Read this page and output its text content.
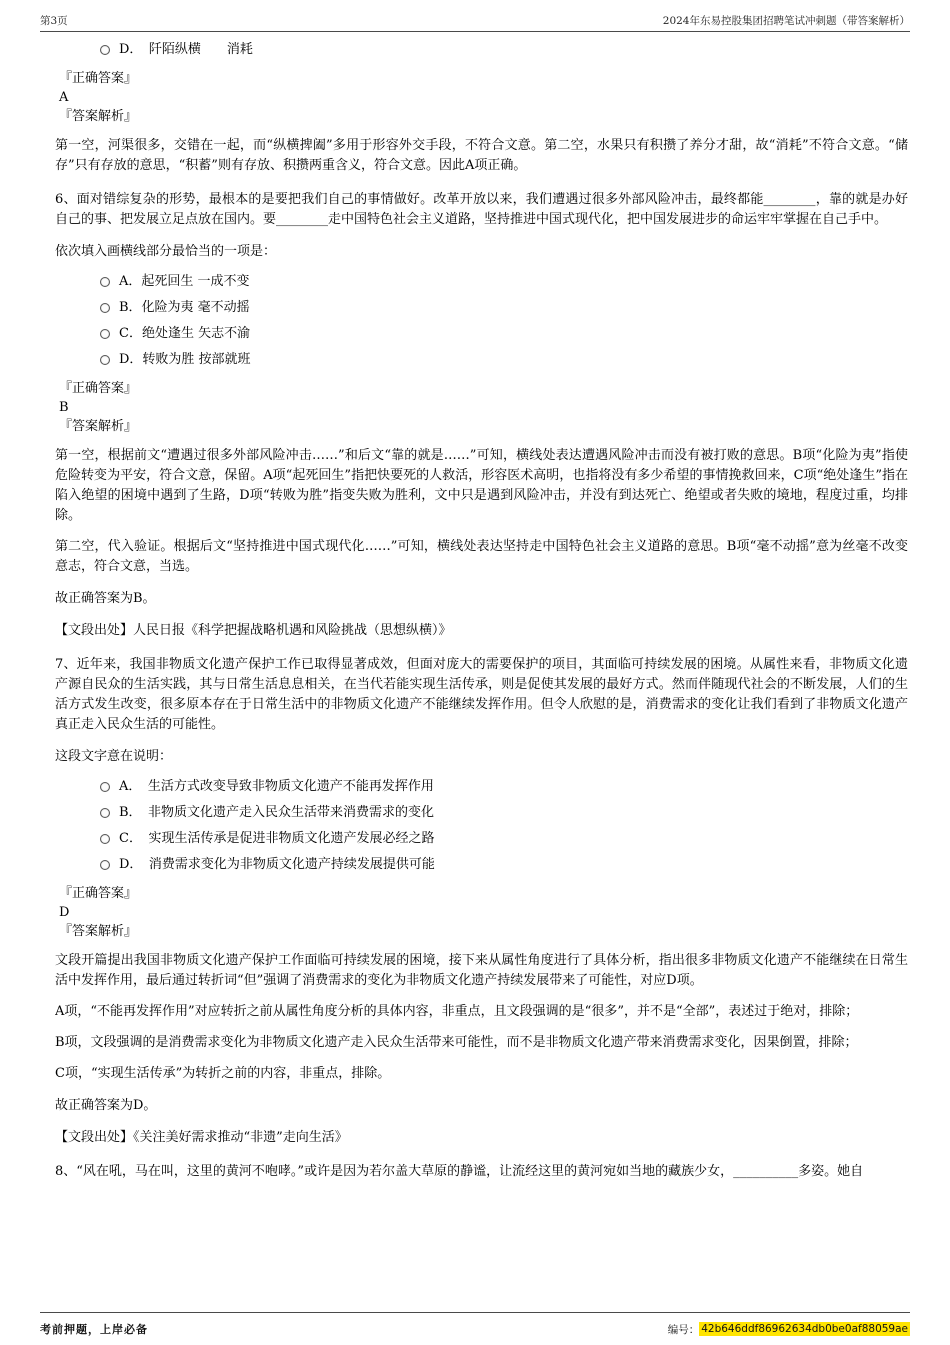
第3页	2024年东易控股集团招聘笔试冲刺题（带答案解析）
D．　阡陌纵横　　消耗
『正确答案』
A
『答案解析』

第一空，河渠很多，交错在一起，而“纵横捭阖”多用于形容外交手段，不符合文意。第二空，水果只有积攒了养分才甜，故“消耗”不符合文意。“储存”只有存放的意思，“积蓄”则有存放、积攒两重含义，符合文意。因此A项正确。

6、面对错综复杂的形势，最根本的是要把我们自己的事情做好。改革开放以来，我们遭遇过很多外部风险冲击，最终都能________，靠的就是办好自己的事、把发展立足点放在国内。要________走中国特色社会主义道路，坚持推进中国式现代化，把中国发展进步的命运牢牢掌握在自己手中。

依次填入画横线部分最恰当的一项是：

A．起死回生 一成不变
B．化险为夷 毫不动摇
C．绝处逢生 矢志不渝
D．转败为胜 按部就班
『正确答案』
B
『答案解析』

第一空，根据前文“遭遇过很多外部风险冲击……”和后文“靠的就是……”可知，横线处表达遭遇风险冲击而没有被打败的意思。B项“化险为夷”指使危险转变为平安，符合文意，保留。A项“起死回生”指把快要死的人救活，形容医术高明，也指将没有多少希望的事情挽救回来，C项“绝处逢生”指在陷入绝望的困境中遇到了生路，D项“转败为胜”指变失败为胜利，文中只是遇到风险冲击，并没有到达死亡、绝望或者失败的境地，程度过重，均排除。

第二空，代入验证。根据后文“坚持推进中国式现代化……”可知，横线处表达坚持走中国特色社会主义道路的意思。B项“毫不动摇”意为丝毫不改变意志，符合文意，当选。

故正确答案为B。

【文段出处】人民日报《科学把握战略机遇和风险挑战（思想纵横）》

7、近年来，我国非物质文化遗产保护工作已取得显著成效，但面对庞大的需要保护的项目，其面临可持续发展的困境。从属性来看，非物质文化遗产源自民众的生活实践，其与日常生活息息相关，在当代若能实现生活传承，则是促使其发展的最好方式。然而伴随现代社会的不断发展，人们的生活方式发生改变，很多原本存在于日常生活中的非物质文化遗产不能继续发挥作用。但令人欣慰的是，消费需求的变化让我们看到了非物质文化遗产真正走入民众生活的可能性。

这段文字意在说明：

A．　生活方式改变导致非物质文化遗产不能再发挥作用
B．　非物质文化遗产走入民众生活带来消费需求的变化
C．　实现生活传承是促进非物质文化遗产发展必经之路
D．　消费需求变化为非物质文化遗产持续发展提供可能
『正确答案』
D
『答案解析』

文段开篇提出我国非物质文化遗产保护工作面临可持续发展的困境，接下来从属性角度进行了具体分析，指出很多非物质文化遗产不能继续在日常生活中发挥作用，最后通过转折词“但”强调了消费需求的变化为非物质文化遗产持续发展带来了可能性，对应D项。

A项，“不能再发挥作用”对应转折之前从属性角度分析的具体内容，非重点，且文段强调的是“很多”，并不是“全部”，表述过于绝对，排除；

B项，文段强调的是消费需求变化为非物质文化遗产走入民众生活带来可能性，而不是非物质文化遗产带来消费需求变化，因果倒置，排除；

C项，“实现生活传承”为转折之前的内容，非重点，排除。

故正确答案为D。

【文段出处】《关注美好需求推动“非遗”走向生活》

8、“风在吼，马在叫，这里的黄河不咆哮。”或许是因为若尔盖大草原的静谧，让流经这里的黄河宛如当地的藏族少女，__________多姿。她自

考前押题，上岸必备	编号： 42b646ddf86962634db0be0af88059ae
